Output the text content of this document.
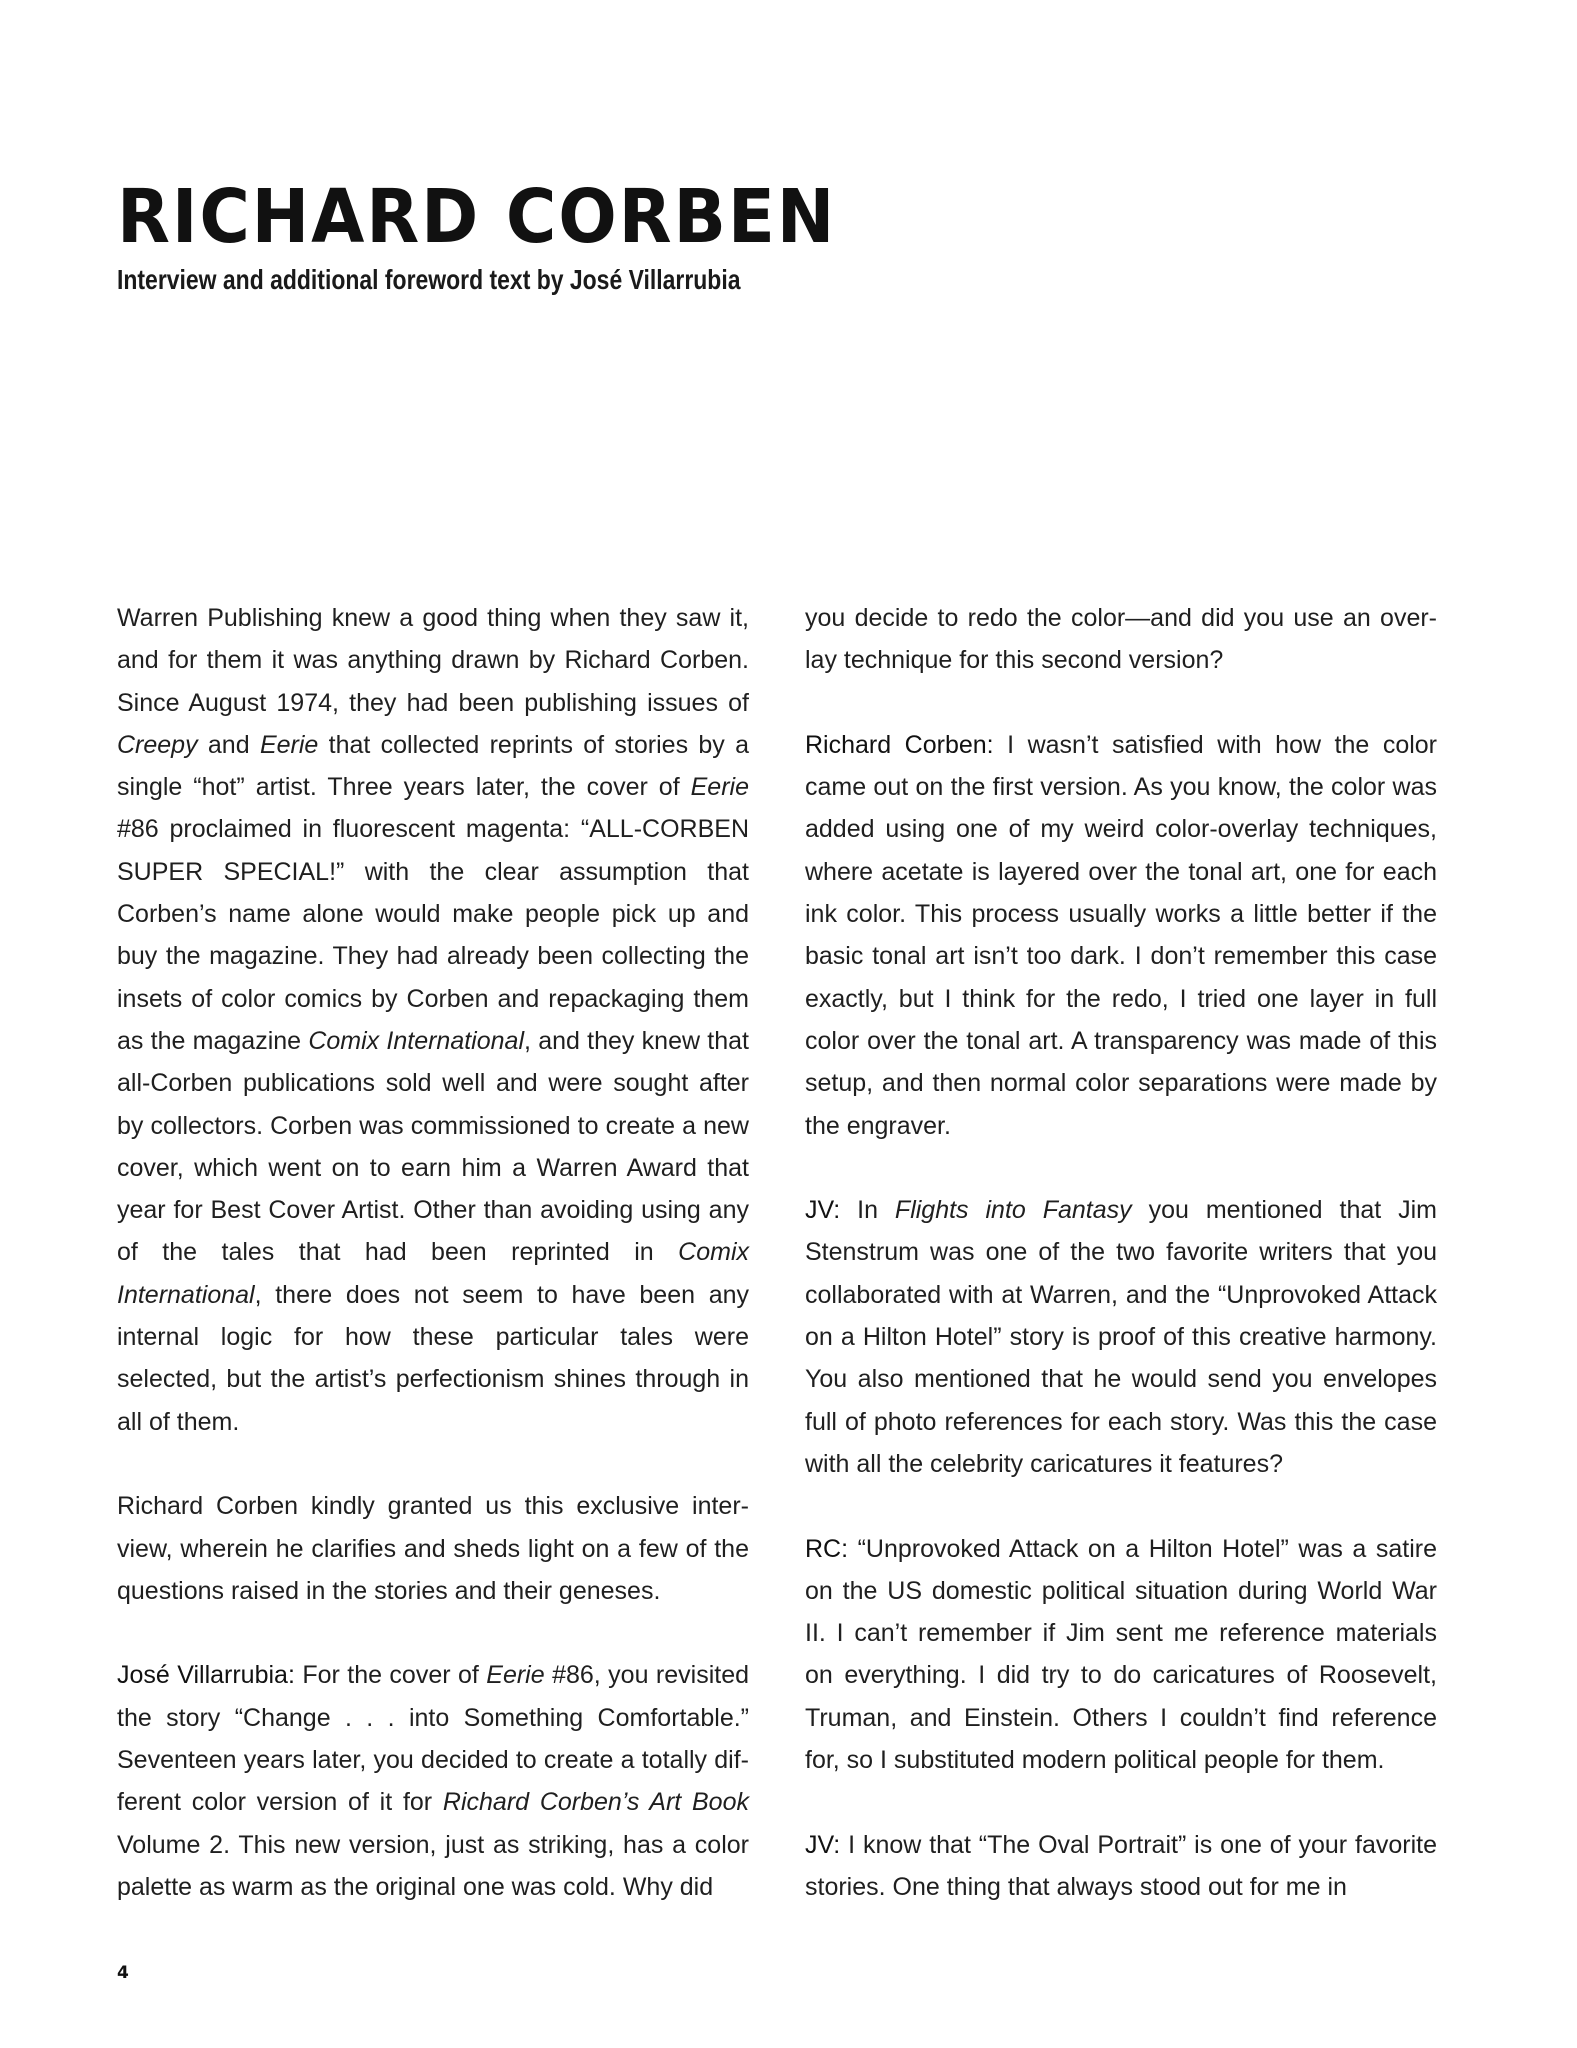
RICHARD CORBEN
Interview and additional foreword text by José Villarrubia

Warren Publishing knew a good thing when they saw it, and for them it was anything drawn by Richard Corben. Since August 1974, they had been publishing issues of Creepy and Eerie that collected reprints of stories by a single “hot” artist. Three years later, the cover of Eerie #86 proclaimed in fluorescent magenta: “ALL-CORBEN SUPER SPECIAL!” with the clear assumption that Corben’s name alone would make people pick up and buy the magazine. They had already been collecting the insets of color comics by Corben and repackaging them as the magazine Comix International, and they knew that all-Corben publications sold well and were sought after by collectors. Corben was commissioned to create a new cover, which went on to earn him a Warren Award that year for Best Cover Artist. Other than avoiding using any of the tales that had been reprinted in Comix International, there does not seem to have been any internal logic for how these particular tales were selected, but the artist’s perfectionism shines through in all of them.

Richard Corben kindly granted us this exclusive interview, wherein he clarifies and sheds light on a few of the questions raised in the stories and their geneses.

José Villarrubia: For the cover of Eerie #86, you revisited the story “Change . . . into Something Comfortable.” Seventeen years later, you decided to create a totally different color version of it for Richard Corben’s Art Book Volume 2. This new version, just as striking, has a color palette as warm as the original one was cold. Why did

you decide to redo the color—and did you use an overlay technique for this second version?

Richard Corben: I wasn’t satisfied with how the color came out on the first version. As you know, the color was added using one of my weird color-overlay techniques, where acetate is layered over the tonal art, one for each ink color. This process usually works a little better if the basic tonal art isn’t too dark. I don’t remember this case exactly, but I think for the redo, I tried one layer in full color over the tonal art. A transparency was made of this setup, and then normal color separations were made by the engraver.

JV: In Flights into Fantasy you mentioned that Jim Stenstrum was one of the two favorite writers that you collaborated with at Warren, and the “Unprovoked Attack on a Hilton Hotel” story is proof of this creative harmony. You also mentioned that he would send you envelopes full of photo references for each story. Was this the case with all the celebrity caricatures it features?

RC: “Unprovoked Attack on a Hilton Hotel” was a satire on the US domestic political situation during World War II. I can’t remember if Jim sent me reference materials on everything. I did try to do caricatures of Roosevelt, Truman, and Einstein. Others I couldn’t find reference for, so I substituted modern political people for them.

JV: I know that “The Oval Portrait” is one of your favorite stories. One thing that always stood out for me in

4
